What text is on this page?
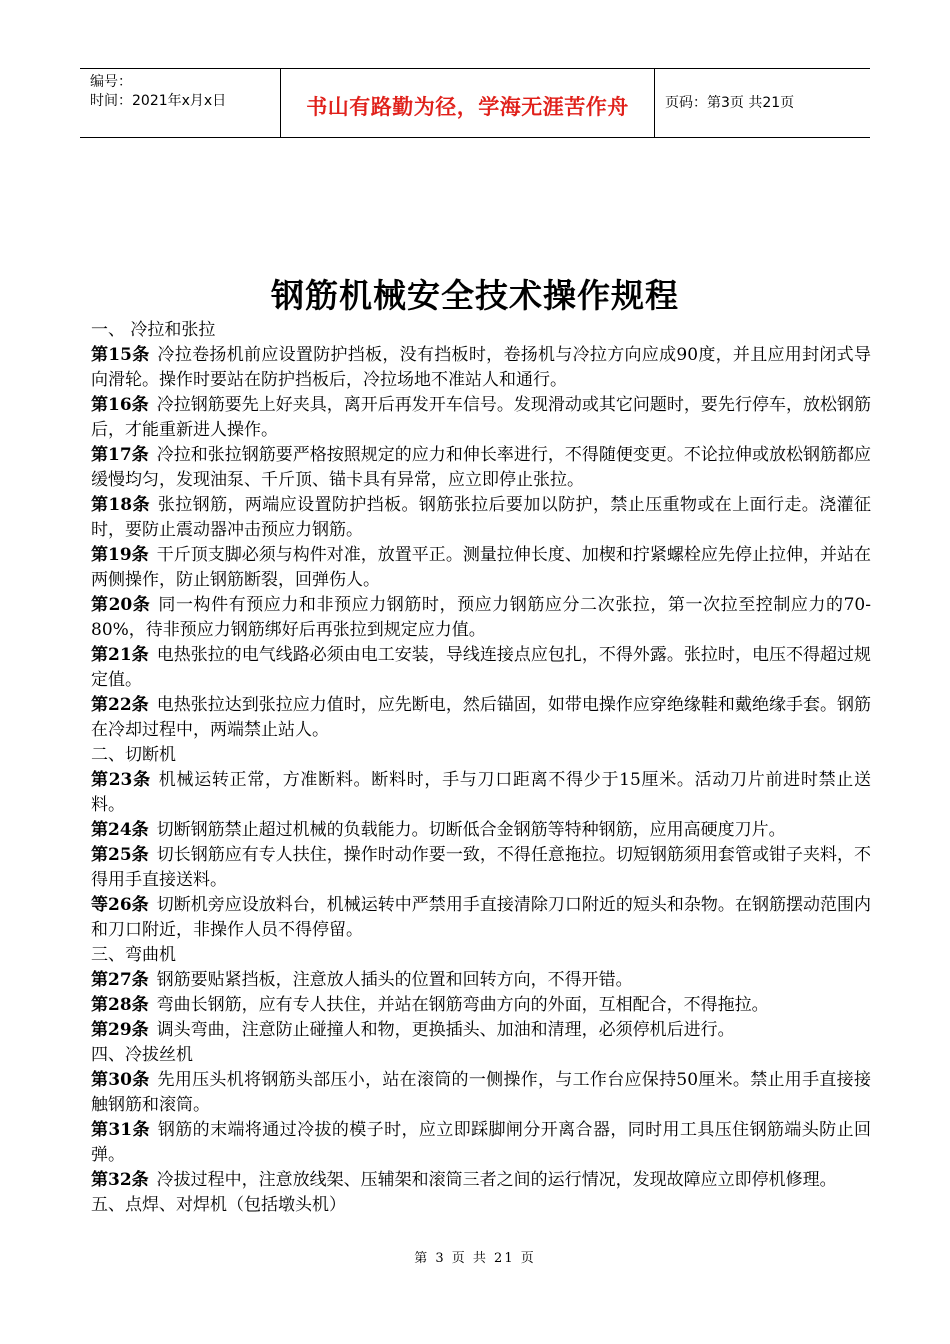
编号：
时间：2021年x月x日	书山有路勤为径，学海无涯苦作舟	页码：第3页 共21页
钢筋机械安全技术操作规程

一、 冷拉和张拉

第15条 冷拉卷扬机前应设置防护挡板，没有挡板时，卷扬机与冷拉方向应成90度，并且应用封闭式导向滑轮。操作时要站在防护挡板后，冷拉场地不准站人和通行。

第16条 冷拉钢筋要先上好夹具，离开后再发开车信号。发现滑动或其它问题时，要先行停车，放松钢筋后，才能重新进人操作。

第17条 冷拉和张拉钢筋要严格按照规定的应力和伸长率进行，不得随便变更。不论拉伸或放松钢筋都应缓慢均匀，发现油泵、千斤顶、锚卡具有异常，应立即停止张拉。

第18条 张拉钢筋，两端应设置防护挡板。钢筋张拉后要加以防护，禁止压重物或在上面行走。浇灌征时，要防止震动器冲击预应力钢筋。

第19条 干斤顶支脚必须与构件对准，放置平正。测量拉伸长度、加楔和拧紧螺栓应先停止拉伸，并站在两侧操作，防止钢筋断裂，回弹伤人。

第20条 同一构件有预应力和非预应力钢筋时，预应力钢筋应分二次张拉，第一次拉至控制应力的70-80%，待非预应力钢筋绑好后再张拉到规定应力值。

第21条 电热张拉的电气线路必须由电工安装，导线连接点应包扎，不得外露。张拉时，电压不得超过规定值。

第22条 电热张拉达到张拉应力值时，应先断电，然后锚固，如带电操作应穿绝缘鞋和戴绝缘手套。钢筋在冷却过程中，两端禁止站人。

二、切断机

第23条 机械运转正常，方准断料。断料时，手与刀口距离不得少于15厘米。活动刀片前进时禁止送料。

第24条 切断钢筋禁止超过机械的负载能力。切断低合金钢筋等特种钢筋，应用高硬度刀片。

第25条 切长钢筋应有专人扶住，操作时动作要一致，不得任意拖拉。切短钢筋须用套管或钳子夹料，不得用手直接送料。

等26条 切断机旁应设放料台，机械运转中严禁用手直接清除刀口附近的短头和杂物。在钢筋摆动范围内和刀口附近，非操作人员不得停留。

三、弯曲机

第27条 钢筋要贴紧挡板，注意放人插头的位置和回转方向，不得开错。

第28条 弯曲长钢筋，应有专人扶住，并站在钢筋弯曲方向的外面，互相配合，不得拖拉。

第29条 调头弯曲，注意防止碰撞人和物，更换插头、加油和清理，必须停机后进行。

四、冷拔丝机

第30条 先用压头机将钢筋头部压小，站在滚筒的一侧操作，与工作台应保持50厘米。禁止用手直接接触钢筋和滚筒。

第31条 钢筋的末端将通过冷拔的模子时，应立即踩脚闸分开离合器，同时用工具压住钢筋端头防止回弹。

第32条 冷拔过程中，注意放线架、压辅架和滚筒三者之间的运行情况，发现故障应立即停机修理。

五、点焊、对焊机（包括墩头机）

第 3 页 共 21 页
